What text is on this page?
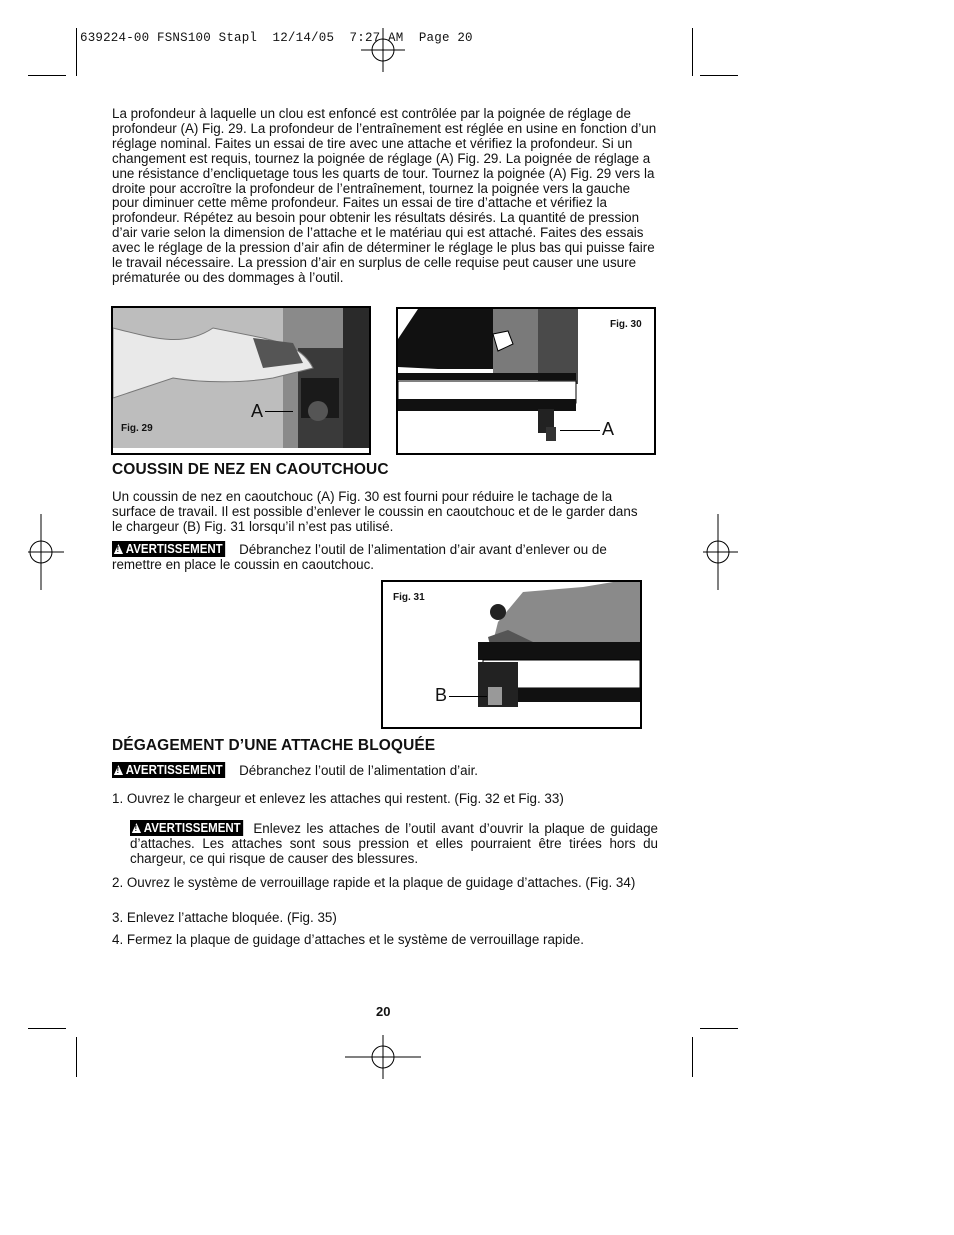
639224-00 FSNS100 Stapl  12/14/05  7:27 AM  Page 20
La profondeur à laquelle un clou est enfoncé est contrôlée par la poignée de réglage de profondeur (A) Fig. 29. La profondeur de l’entraînement est réglée en usine en fonction d’un réglage nominal. Faites un essai de tire avec une attache et vérifiez la profondeur. Si un changement est requis, tournez la poignée de réglage (A) Fig. 29. La poignée de réglage a une résistance d’encliquetage tous les quarts de tour. Tournez la poignée (A) Fig. 29 vers la droite pour accroître la profondeur de l’entraînement, tournez la poignée vers la gauche pour diminuer cette même profondeur. Faites un essai de tire d’attache et vérifiez la profondeur. Répétez au besoin pour obtenir les résultats désirés. La quantité de pression d’air varie selon la dimension de l’attache et le matériau qui est attaché. Faites des essais avec le réglage de la pression d’air afin de déterminer le réglage le plus bas qui puisse faire le travail nécessaire. La pression d’air en surplus de celle requise peut causer une usure prématurée ou des dommages à l’outil.
Fig. 29
A
Fig. 30
A
COUSSIN DE NEZ EN CAOUTCHOUC
Un coussin de nez en caoutchouc (A) Fig. 30 est fourni pour réduire le tachage de la surface de travail. Il est possible d’enlever le coussin en caoutchouc et de le garder dans le chargeur (B) Fig. 31 lorsqu’il n’est pas utilisé.
!AVERTISSEMENT Débranchez l’outil de l’alimentation d’air avant d’enlever ou de remettre en place le coussin en caoutchouc.
Fig. 31
B
DÉGAGEMENT D’UNE ATTACHE BLOQUÉE
!AVERTISSEMENT Débranchez l’outil de l’alimentation d’air.
1. Ouvrez le chargeur et enlevez les attaches qui restent. (Fig. 32 et Fig. 33)
!AVERTISSEMENT Enlevez les attaches de l’outil avant d’ouvrir la plaque de guidage d’attaches. Les attaches sont sous pression et elles pourraient être tirées hors du chargeur, ce qui risque de causer des blessures.
2. Ouvrez le système de verrouillage rapide et la plaque de guidage d’attaches. (Fig. 34)
3. Enlevez l’attache bloquée. (Fig. 35)
4. Fermez la plaque de guidage d’attaches et le système de verrouillage rapide.
20
